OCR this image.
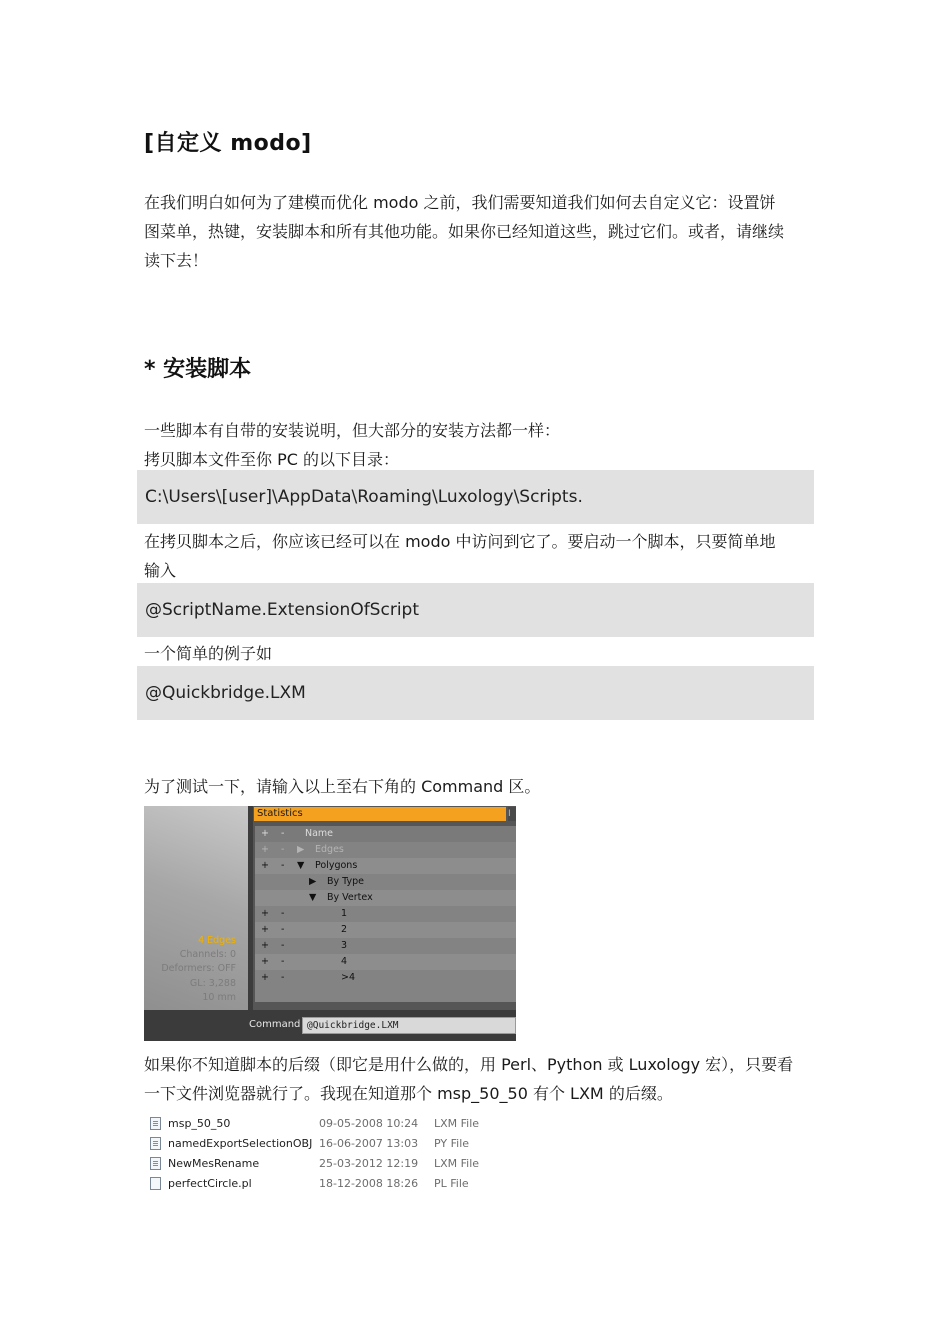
[自定义 modo]
在我们明白如何为了建模而优化 modo 之前，我们需要知道我们如何去自定义它：设置饼
图菜单，热键，安装脚本和所有其他功能。如果你已经知道这些，跳过它们。或者，请继续
读下去！
* 安装脚本
一些脚本有自带的安装说明，但大部分的安装方法都一样：
拷贝脚本文件至你 PC 的以下目录：
C:\Users\[user]\AppData\Roaming\Luxology\Scripts.
在拷贝脚本之后，你应该已经可以在 modo 中访问到它了。要启动一个脚本，只要简单地
输入
@ScriptName.ExtensionOfScript
一个简单的例子如
@Quickbridge.LXM
为了测试一下，请输入以上至右下角的 Command 区。
4 Edges
Channels: 0
Deformers: OFF
GL: 3,288
10 mm
Statistics	I
+ - Name
+ - ▶ Edges
+ - ▼ Polygons
▶ By Type
▼ By Vertex
+ -	1
+ -	2
+ -	3
+ -	4
+ -	>4
Command @Quickbridge.LXM
如果你不知道脚本的后缀（即它是用什么做的，用 Perl、Python 或 Luxology 宏），只要看
一下文件浏览器就行了。我现在知道那个 msp_50_50 有个 LXM 的后缀。
msp_50_50	09-05-2008 10:24 LXM File
namedExportSelectionOBJ 16-06-2007 13:03 PY File
NewMesRename	25-03-2012 12:19 LXM File
perfectCircle.pl	18-12-2008 18:26 PL File
